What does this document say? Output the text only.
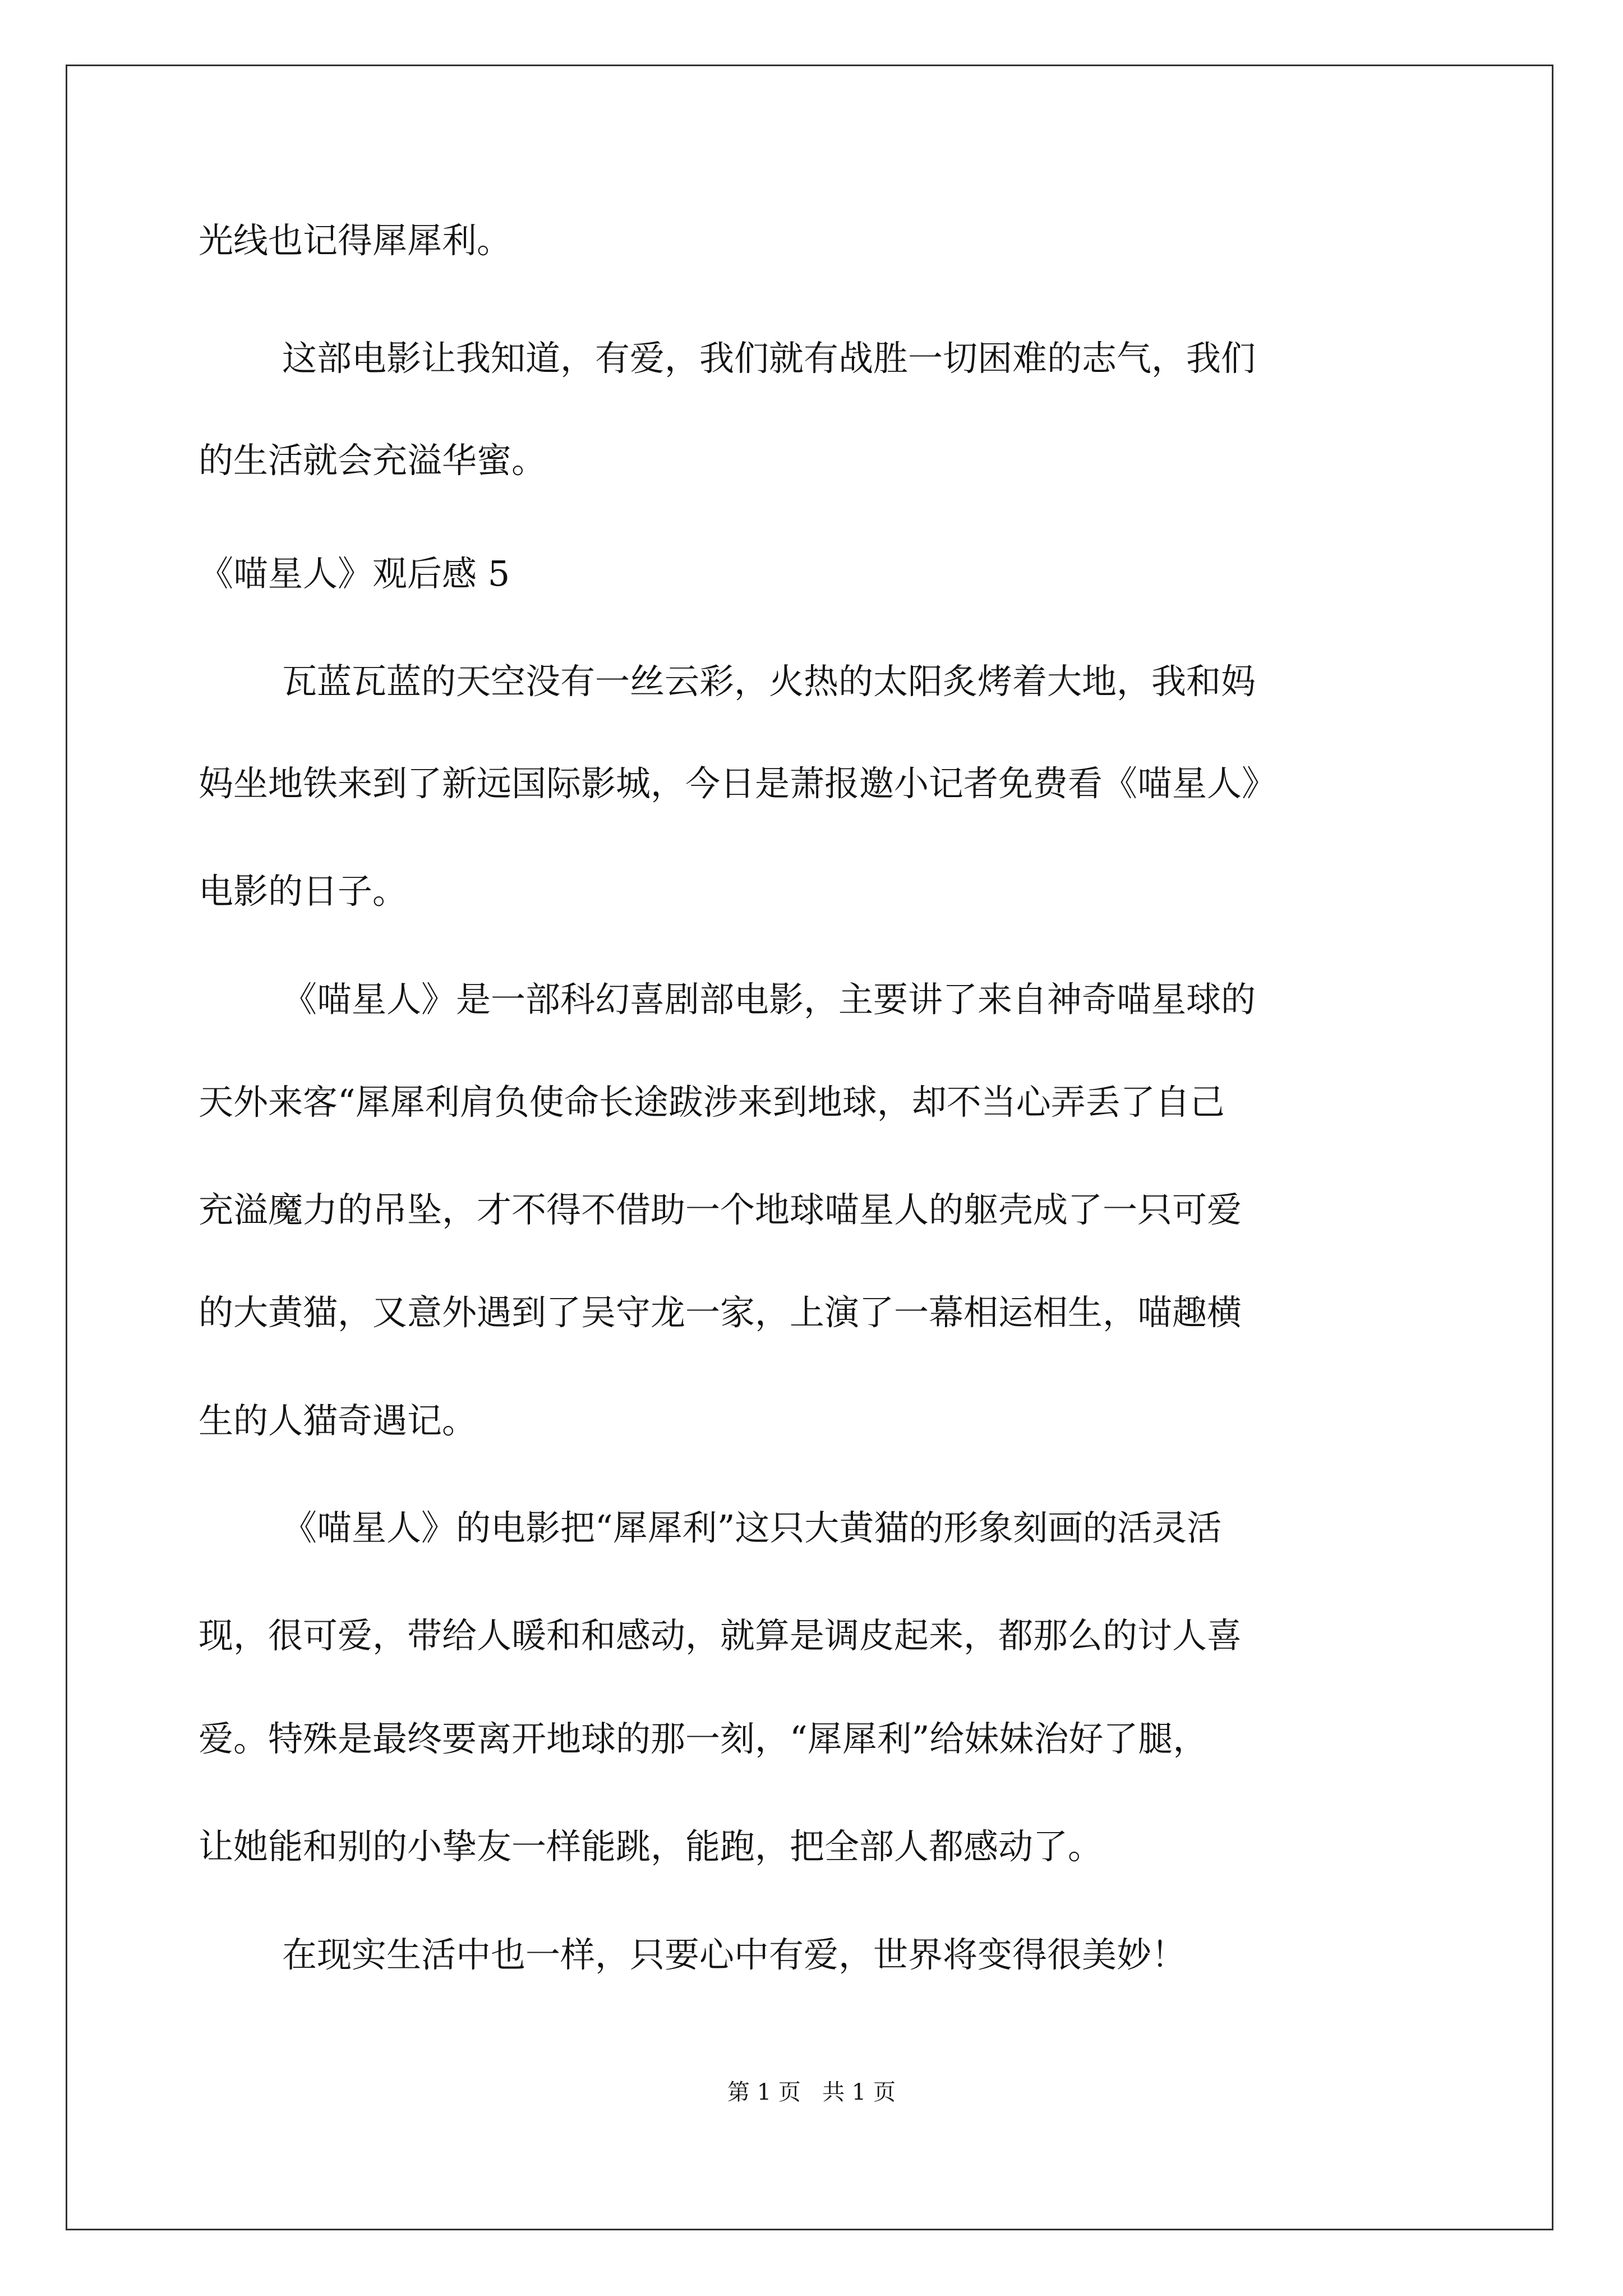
光线也记得犀犀利。
这部电影让我知道，有爱，我们就有战胜一切困难的志气，我们
的生活就会充溢华蜜。
《喵星人》观后感 5
瓦蓝瓦蓝的天空没有一丝云彩，火热的太阳炙烤着大地，我和妈
妈坐地铁来到了新远国际影城，今日是萧报邀小记者免费看《喵星人》
电影的日子。
《喵星人》是一部科幻喜剧部电影，主要讲了来自神奇喵星球的
天外来客“犀犀利肩负使命长途跋涉来到地球，却不当心弄丢了自己
充溢魔力的吊坠，才不得不借助一个地球喵星人的躯壳成了一只可爱
的大黄猫，又意外遇到了吴守龙一家，上演了一幕相运相生，喵趣横
生的人猫奇遇记。
《喵星人》的电影把“犀犀利”这只大黄猫的形象刻画的活灵活
现，很可爱，带给人暖和和感动，就算是调皮起来，都那么的讨人喜
爱。特殊是最终要离开地球的那一刻，“犀犀利”给妹妹治好了腿，
让她能和别的小挚友一样能跳，能跑，把全部人都感动了。
在现实生活中也一样，只要心中有爱，世界将变得很美妙！
第 1 页   共 1 页
